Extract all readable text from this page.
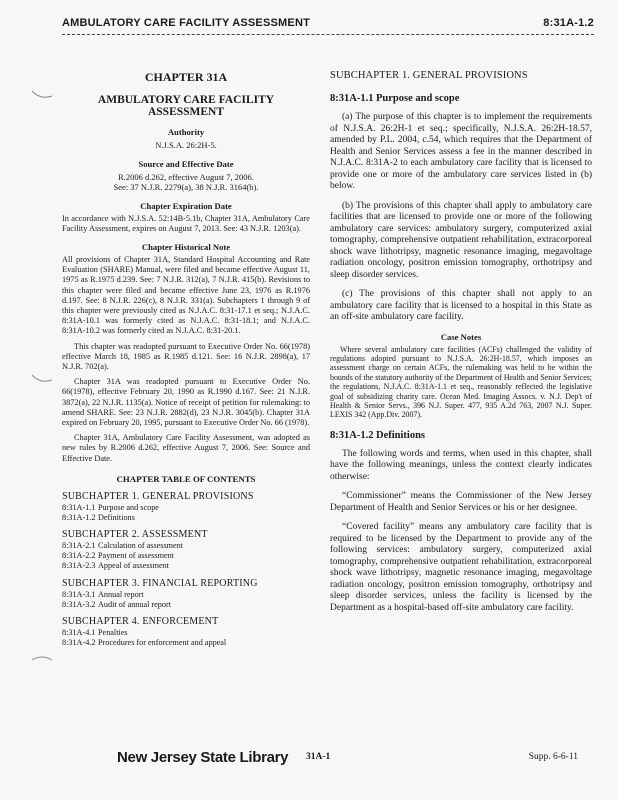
AMBULATORY CARE FACILITY ASSESSMENT	8:31A-1.2
CHAPTER 31A
AMBULATORY CARE FACILITY ASSESSMENT
Authority
N.J.S.A. 26:2H-5.
Source and Effective Date
R.2006 d.262, effective August 7, 2006.
See: 37 N.J.R. 2279(a), 38 N.J.R. 3164(b).
Chapter Expiration Date
In accordance with N.J.S.A. 52:14B-5.1b, Chapter 31A, Ambulatory Care Facility Assessment, expires on August 7, 2013. See: 43 N.J.R. 1203(a).
Chapter Historical Note
All provisions of Chapter 31A, Standard Hospital Accounting and Rate Evaluation (SHARE) Manual, were filed and became effective August 11, 1975 as R.1975 d.239. See: 7 N.J.R. 312(a), 7 N.J.R. 415(b). Revisions to this chapter were filed and became effective June 23, 1976 as R.1976 d.197. See: 8 N.J.R. 226(c), 8 N.J.R. 331(a). Subchapters 1 through 9 of this chapter were previously cited as N.J.A.C. 8:31-17.1 et seq.; N.J.A.C. 8:31A-10.1 was formerly cited as N.J.A.C. 8:31-18.1; and N.J.A.C. 8:31A-10.2 was formerly cited as N.J.A.C. 8:31-20.1.
This chapter was readopted pursuant to Executive Order No. 66(1978) effective March 18, 1985 as R.1985 d.121. See: 16 N.J.R. 2898(a), 17 N.J.R. 702(a).
Chapter 31A was readopted pursuant to Executive Order No. 66(1978), effective February 20, 1990 as R.1990 d.167. See: 21 N.J.R. 3872(a), 22 N.J.R. 1135(a). Notice of receipt of petition for rulemaking: to amend SHARE. See: 23 N.J.R. 2882(d), 23 N.J.R. 3045(b). Chapter 31A expired on February 20, 1995, pursuant to Executive Order No. 66 (1978).
Chapter 31A, Ambulatory Care Facility Assessment, was adopted as new rules by R.2006 d.262, effective August 7, 2006. See: Source and Effective Date.
CHAPTER TABLE OF CONTENTS
SUBCHAPTER 1. GENERAL PROVISIONS
8:31A-1.1 Purpose and scope
8:31A-1.2 Definitions
SUBCHAPTER 2. ASSESSMENT
8:31A-2.1 Calculation of assessment
8:31A-2.2 Payment of assessment
8:31A-2.3 Appeal of assessment
SUBCHAPTER 3. FINANCIAL REPORTING
8:31A-3.1 Annual report
8:31A-3.2 Audit of annual report
SUBCHAPTER 4. ENFORCEMENT
8:31A-4.1 Penalties
8:31A-4.2 Procedures for enforcement and appeal
SUBCHAPTER 1. GENERAL PROVISIONS
8:31A-1.1 Purpose and scope
(a) The purpose of this chapter is to implement the requirements of N.J.S.A. 26:2H-1 et seq.; specifically, N.J.S.A. 26:2H-18.57, amended by P.L. 2004, c.54, which requires that the Department of Health and Senior Services assess a fee in the manner described in N.J.A.C. 8:31A-2 to each ambulatory care facility that is licensed to provide one or more of the ambulatory care services listed in (b) below.
(b) The provisions of this chapter shall apply to ambulatory care facilities that are licensed to provide one or more of the following ambulatory care services: ambulatory surgery, computerized axial tomography, comprehensive outpatient rehabilitation, extracorporeal shock wave lithotripsy, magnetic resonance imaging, megavoltage radiation oncology, positron emission tomography, orthotripsy and sleep disorder services.
(c) The provisions of this chapter shall not apply to an ambulatory care facility that is licensed to a hospital in this State as an off-site ambulatory care facility.
Case Notes
Where several ambulatory care facilities (ACFs) challenged the validity of regulations adopted pursuant to N.J.S.A. 26:2H-18.57, which imposes an assessment charge on certain ACFs, the rulemaking was held to be within the bounds of the statutory authority of the Department of Health and Senior Services; the regulations, N.J.A.C. 8:31A-1.1 et seq., reasonably reflected the legislative goal of subsidizing charity care. Ocean Med. Imaging Assocs. v. N.J. Dep't of Health & Senior Servs., 396 N.J. Super. 477, 935 A.2d 763, 2007 N.J. Super. LEXIS 342 (App.Div. 2007).
8:31A-1.2 Definitions
The following words and terms, when used in this chapter, shall have the following meanings, unless the context clearly indicates otherwise:
“Commissioner” means the Commissioner of the New Jersey Department of Health and Senior Services or his or her designee.
“Covered facility” means any ambulatory care facility that is required to be licensed by the Department to provide any of the following services: ambulatory surgery, computerized axial tomography, comprehensive outpatient rehabilitation, extracorporeal shock wave lithotripsy, magnetic resonance imaging, megavoltage radiation oncology, positron emission tomography, orthotripsy and sleep disorder services, unless the facility is licensed by the Department as a hospital-based off-site ambulatory care facility.
New Jersey State Library 31A-1	Supp. 6-6-11
